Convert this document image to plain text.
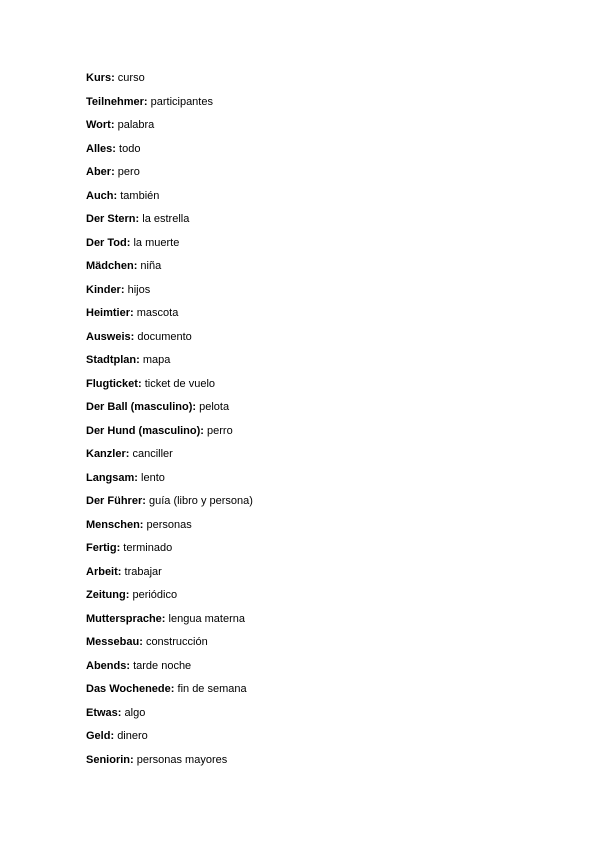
Kurs: curso
Teilnehmer: participantes
Wort: palabra
Alles: todo
Aber: pero
Auch: también
Der Stern: la estrella
Der Tod: la muerte
Mädchen: niña
Kinder: hijos
Heimtier: mascota
Ausweis: documento
Stadtplan: mapa
Flugticket: ticket de vuelo
Der Ball (masculino): pelota
Der Hund (masculino): perro
Kanzler: canciller
Langsam: lento
Der Führer: guía (libro y persona)
Menschen: personas
Fertig: terminado
Arbeit: trabajar
Zeitung: periódico
Muttersprache: lengua materna
Messebau: construcción
Abends: tarde noche
Das Wochenede: fin de semana
Etwas: algo
Geld: dinero
Seniorin: personas mayores
